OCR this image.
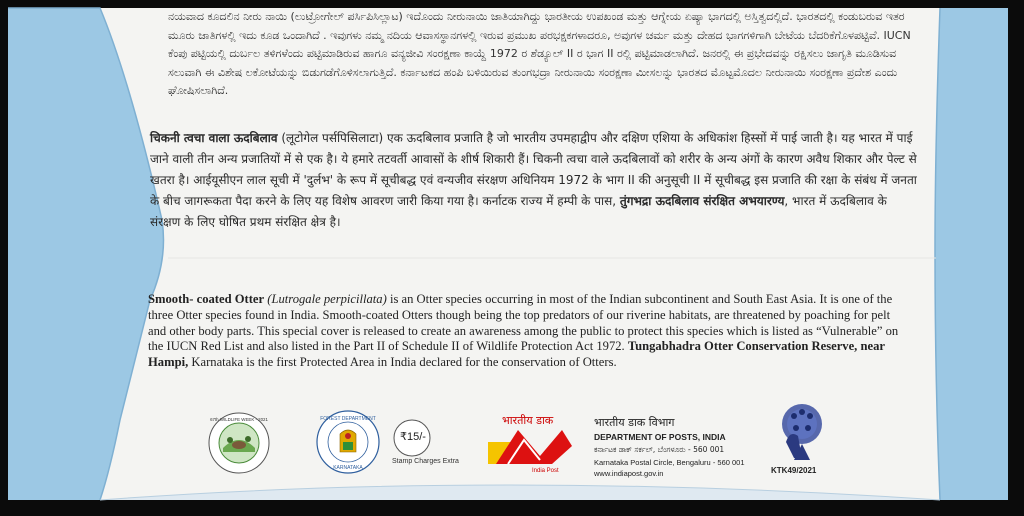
ನಯವಾದ ಕೂದಲಿನ ನೀರು ನಾಯಿ (ಲುಟ್ರೋಗೇಲ್ ಪರ್ಸಿಪಿಸಿಲ್ಲಾಟ) ಇದೊಂದು ನೀರುನಾಯಿ ಜಾತಿಯಾಗಿದ್ದು ಭಾರತೀಯ ಉಪಖಂಡ ಮತ್ತು ಆಗ್ನೇಯ ಏಷ್ಯಾ ಭಾಗದಲ್ಲಿ ಅಸ್ತಿತ್ವದಲ್ಲಿದೆ. ಭಾರತದಲ್ಲಿ ಕಂಡುಬರುವ ಇತರ ಮೂರು ಜಾತಿಗಳಲ್ಲಿ ಇದು ಕೂಡ ಒಂದಾಗಿದೆ . ಇವುಗಳು ನಮ್ಮ ನದಿಯ ಆವಾಸಸ್ಥಾನಗಳಲ್ಲಿ ಇರುವ ಪ್ರಮುಖ ಪರಭಕ್ಷಕಗಳಾದರೂ, ಅವುಗಳ ಚರ್ಮ ಮತ್ತು ದೇಹದ ಭಾಗಗಳಿಗಾಗಿ ಬೇಟೆಯ ಬೆದರಿಕೆಗೊಳಪಟ್ಟಿವೆ. IUCN ಕೆಂಪು ಪಟ್ಟಿಯಲ್ಲಿ ದುರ್ಬಲ ತಳಿಗಳೆಂದು ಪಟ್ಟಿಮಾಡಿರುವ ಹಾಗೂ ವನ್ಯಜೀವಿ ಸಂರಕ್ಷಣಾ ಕಾಯ್ದೆ 1972 ರ ಶೆಡ್ಯೂಲ್ II ರ ಭಾಗ II ರಲ್ಲಿ ಪಟ್ಟಿಮಾಡಲಾಗಿದೆ. ಜನರಲ್ಲಿ ಈ ಪ್ರಭೇದವನ್ನು ರಕ್ಷಿಸಲು ಜಾಗೃತಿ ಮೂಡಿಸುವ ಸಲುವಾಗಿ ಈ ವಿಶೇಷ ಲಕೋಟೆಯನ್ನು ಬಿಡುಗಡೆಗೊಳಿಸಲಾಗುತ್ತಿದೆ. ಕರ್ನಾಟಕದ ಹಂಪಿ ಬಳಿಯಿರುವ ತುಂಗಭದ್ರಾ ನೀರುನಾಯಿ ಸಂರಕ್ಷಣಾ ಮೀಸಲನ್ನು ಭಾರತದ ಮೊಟ್ಟಮೊದಲ ನೀರುನಾಯಿ ಸಂರಕ್ಷಣಾ ಪ್ರದೇಶ ಎಂದು ಘೋಷಿಸಲಾಗಿದೆ.
चिकनी त्वचा वाला ऊदबिलाव (लूटोगेल पर्सपिसिलाटा) एक ऊदबिलाव प्रजाति है जो भारतीय उपमहाद्वीप और दक्षिण एशिया के अधिकांश हिस्सों में पाई जाती है। यह भारत में पाई जाने वाली तीन अन्य प्रजातियों में से एक है। ये हमारे तटवर्ती आवासों के शीर्ष शिकारी हैं। चिकनी त्वचा वाले ऊदबिलावों को शरीर के अन्य अंगों के कारण अवैध शिकार और पेल्ट से खतरा है। आईयूसीएन लाल सूची में 'दुर्लभ' के रूप में सूचीबद्ध एवं वन्यजीव संरक्षण अधिनियम 1972 के भाग II की अनुसूची II में सूचीबद्ध इस प्रजाति की रक्षा के संबंध में जनता के बीच जागरूकता पैदा करने के लिए यह विशेष आवरण जारी किया गया है। कर्नाटक राज्य में हम्पी के पास, तुंगभद्रा ऊदबिलाव संरक्षित अभयारण्य, भारत में ऊदबिलाव के संरक्षण के लिए घोषित प्रथम संरक्षित क्षेत्र है।
Smooth- coated Otter (Lutrogale perpicillata) is an Otter species occurring in most of the Indian subcontinent and South East Asia. It is one of the three Otter species found in India. Smooth-coated Otters though being the top predators of our riverine habitats, are threatened by poaching for pelt and other body parts. This special cover is released to create an awareness among the public to protect this species which is listed as “Vulnerable” on the IUCN Red List and also listed in the Part II of Schedule II of Wildlife Protection Act 1972. Tungabhadra Otter Conservation Reserve, near Hampi, Karnataka is the first Protected Area in India declared for the conservation of Otters.
67th WILDLIFE WEEK - 2021	FOREST DEPARTMENT
KARNATAKA
₹15/-
Stamp Charges Extra
भारतीय डाक
India Post
भारतीय डाक विभाग
DEPARTMENT OF POSTS, INDIA
ಕರ್ನಾಟಕ ಡಾಕ್ ಸರ್ಕಲ್, ಬೆಂಗಳೂರು - 560 001
Karnataka Postal Circle, Bengaluru - 560 001
www.indiapost.gov.in	KTK49/2021
